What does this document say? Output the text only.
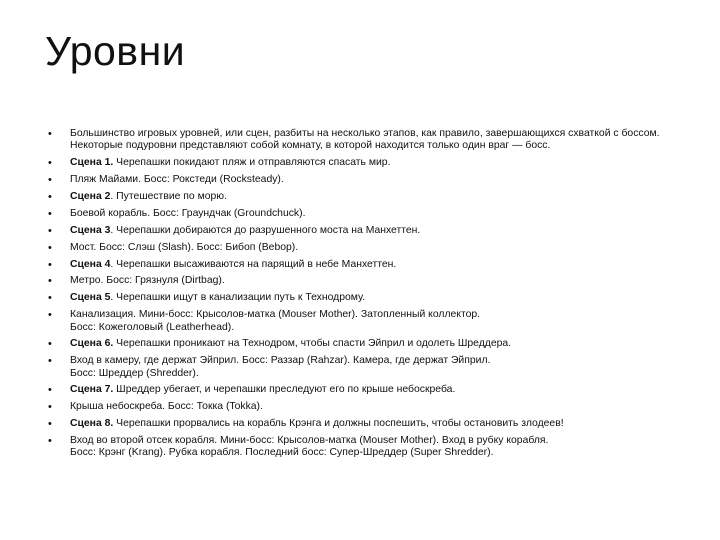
Уровни
• Большинство игровых уровней, или сцен, разбиты на несколько этапов, как правило, завершающихся схваткой с боссом. Некоторые подуровни представляют собой комнату, в которой находится только один враг — босс.
• Сцена 1. Черепашки покидают пляж и отправляются спасать мир.
• Пляж Майами. Босс: Рокстеди (Rocksteady).
• Сцена 2. Путешествие по морю.
• Боевой корабль. Босс: Граундчак (Groundchuck).
• Сцена 3. Черепашки добираются до разрушенного моста на Манхеттен.
• Мост. Босс: Слэш (Slash). Босс: Бибоп (Bebop).
• Сцена 4. Черепашки высаживаются на парящий в небе Манхеттен.
• Метро. Босс: Грязнуля (Dirtbag).
• Сцена 5. Черепашки ищут в канализации путь к Технодрому.
• Канализация. Мини-босс: Крысолов-матка (Mouser Mother). Затопленный коллектор.
Босс: Кожеголовый (Leatherhead).
• Сцена 6. Черепашки проникают на Технодром, чтобы спасти Эйприл и одолеть Шреддера.
• Вход в камеру, где держат Эйприл. Босс: Раззар (Rahzar). Камера, где держат Эйприл.
Босс: Шреддер (Shredder).
• Сцена 7. Шреддер убегает, и черепашки преследуют его по крыше небоскреба.
• Крыша небоскреба. Босс: Токка (Tokka).
• Сцена 8. Черепашки прорвались на корабль Крэнга и должны поспешить, чтобы остановить злодеев!
• Вход во второй отсек корабля. Мини-босс: Крысолов-матка (Mouser Mother). Вход в рубку корабля.
Босс: Крэнг (Krang). Рубка корабля. Последний босс: Супер-Шреддер (Super Shredder).
